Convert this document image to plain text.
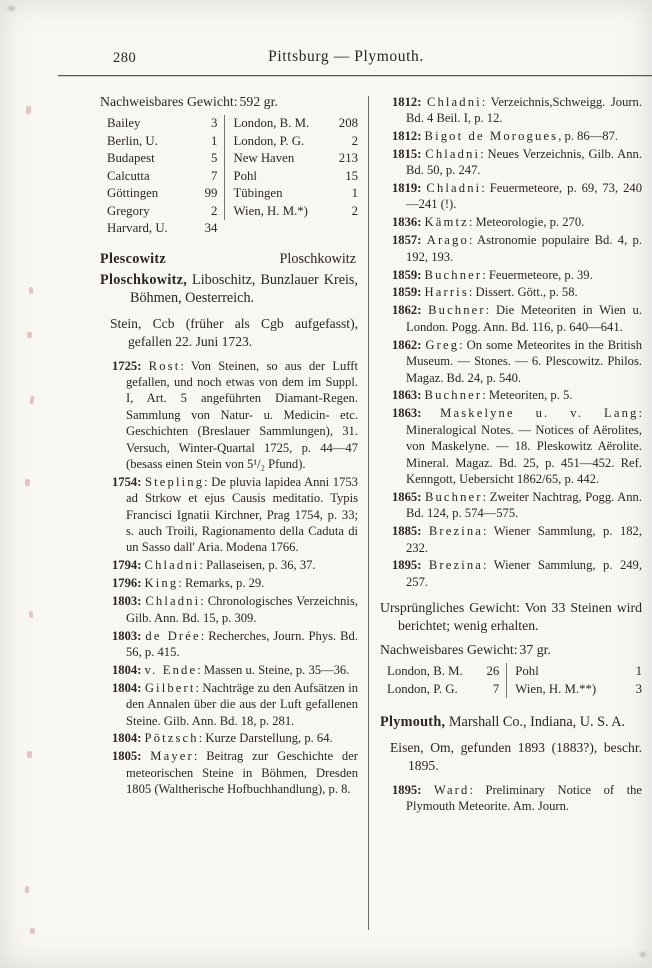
280	Pittsburg — Plymouth.
Nachweisbares Gewicht: 592 gr.
Bailey	3	London, B. M.	208
Berlin, U.	1	London, P. G.	2
Budapest	5	New Haven	213
Calcutta	7	Pohl	15
Göttingen	99	Tübingen	1
Gregory	2	Wien, H. M.*)	2
Harvard, U.	34
Plescowitz	Ploschkowitz

Ploschkowitz, Liboschitz, Bunzlauer Kreis, Böhmen, Oesterreich.

Stein, Ccb (früher als Cgb aufgefasst), gefallen 22. Juni 1723.

1725: Rost: Von Steinen, so aus der Lufft gefallen, und noch etwas von dem im Suppl. I, Art. 5 angeführten Diamant-Regen. Sammlung von Natur- u. Medicin- etc. Geschichten (Breslauer Sammlungen), 31. Versuch, Winter-Quartal 1725, p. 44—47 (besass einen Stein von 5¹/₂ Pfund).

1754: Stepling: De pluvia lapidea Anni 1753 ad Strkow et ejus Causis meditatio. Typis Francisci Ignatii Kirchner, Prag 1754, p. 33; s. auch Troili, Ragionamento della Caduta di un Sasso dall' Aria. Modena 1766.

1794: Chladni: Pallaseisen, p. 36, 37.

1796: King: Remarks, p. 29.

1803: Chladni: Chronologisches Verzeichnis, Gilb. Ann. Bd. 15, p. 309.

1803: de Drée: Recherches, Journ. Phys. Bd. 56, p. 415.

1804: v. Ende: Massen u. Steine, p. 35—36.

1804: Gilbert: Nachträge zu den Aufsätzen in den Annalen über die aus der Luft gefallenen Steine. Gilb. Ann. Bd. 18, p. 281.

1804: Pötzsch: Kurze Darstellung, p. 64.

1805: Mayer: Beitrag zur Geschichte der meteorischen Steine in Böhmen, Dresden 1805 (Waltherische Hofbuchhandlung), p. 8.

1812: Chladni: Verzeichnis,Schweigg. Journ. Bd. 4 Beil. I, p. 12.

1812: Bigot de Morogues, p. 86—87.

1815: Chladni: Neues Verzeichnis, Gilb. Ann. Bd. 50, p. 247.

1819: Chladni: Feuermeteore, p. 69, 73, 240—241 (!).

1836: Kämtz: Meteorologie, p. 270.

1857: Arago: Astronomie populaire Bd. 4, p. 192, 193.

1859: Buchner: Feuermeteore, p. 39.

1859: Harris: Dissert. Gött., p. 58.

1862: Buchner: Die Meteoriten in Wien u. London. Pogg. Ann. Bd. 116, p. 640—641.

1862: Greg: On some Meteorites in the British Museum. — Stones. — 6. Plescowitz. Philos. Magaz. Bd. 24, p. 540.

1863: Buchner: Meteoriten, p. 5.

1863: Maskelyne u. v. Lang: Mineralogical Notes. — Notices of Aërolites, von Maskelyne. — 18. Pleskowitz Aërolite. Mineral. Magaz. Bd. 25, p. 451—452. Ref. Kenngott, Uebersicht 1862/65, p. 442.

1865: Buchner: Zweiter Nachtrag, Pogg. Ann. Bd. 124, p. 574—575.

1885: Brezina: Wiener Sammlung, p. 182, 232.

1895: Brezina: Wiener Sammlung, p. 249, 257.

Ursprüngliches Gewicht: Von 33 Steinen wird berichtet; wenig erhalten.

Nachweisbares Gewicht: 37 gr.
London, B. M.	26	Pohl	1
London, P. G.	7	Wien, H. M.**)	3

Plymouth, Marshall Co., Indiana, U. S. A.

Eisen, Om, gefunden 1893 (1883?), beschr. 1895.

1895: Ward: Preliminary Notice of the Plymouth Meteorite. Am. Journ.
